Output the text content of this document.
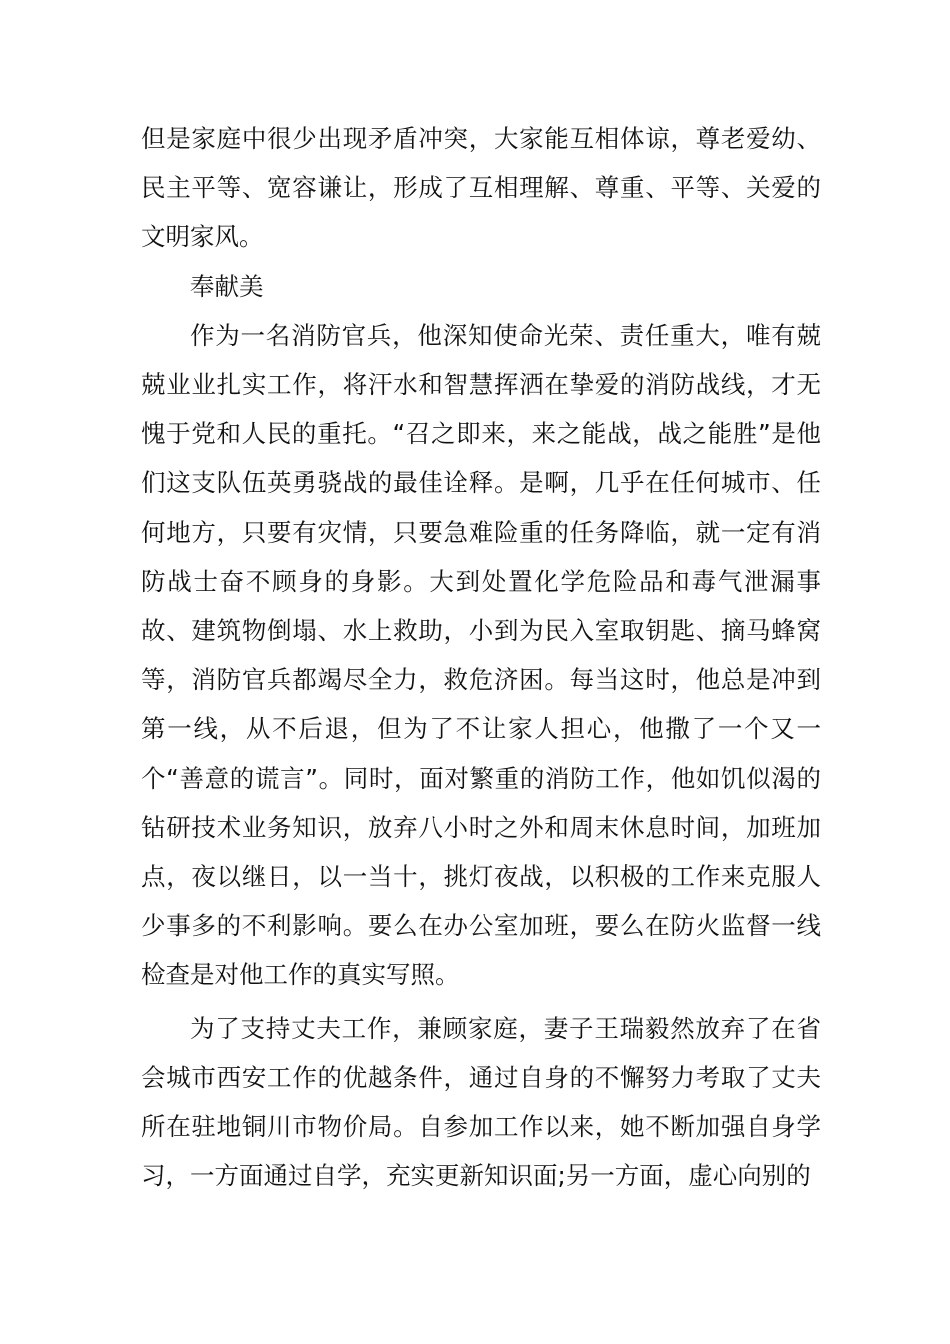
但是家庭中很少出现矛盾冲突，大家能互相体谅，尊老爱幼、民主平等、宽容谦让，形成了互相理解、尊重、平等、关爱的文明家风。

奉献美

作为一名消防官兵，他深知使命光荣、责任重大，唯有兢兢业业扎实工作，将汗水和智慧挥洒在挚爱的消防战线，才无愧于党和人民的重托。“召之即来，来之能战，战之能胜”是他们这支队伍英勇骁战的最佳诠释。是啊，几乎在任何城市、任何地方，只要有灾情，只要急难险重的任务降临，就一定有消防战士奋不顾身的身影。大到处置化学危险品和毒气泄漏事故、建筑物倒塌、水上救助，小到为民入室取钥匙、摘马蜂窝等，消防官兵都竭尽全力，救危济困。每当这时，他总是冲到第一线，从不后退，但为了不让家人担心，他撒了一个又一个“善意的谎言”。同时，面对繁重的消防工作，他如饥似渴的钻研技术业务知识，放弃八小时之外和周末休息时间，加班加点，夜以继日，以一当十，挑灯夜战，以积极的工作来克服人少事多的不利影响。要么在办公室加班，要么在防火监督一线检查是对他工作的真实写照。

为了支持丈夫工作，兼顾家庭，妻子王瑞毅然放弃了在省会城市西安工作的优越条件，通过自身的不懈努力考取了丈夫所在驻地铜川市物价局。自参加工作以来，她不断加强自身学习，一方面通过自学，充实更新知识面;另一方面，虚心向别的
